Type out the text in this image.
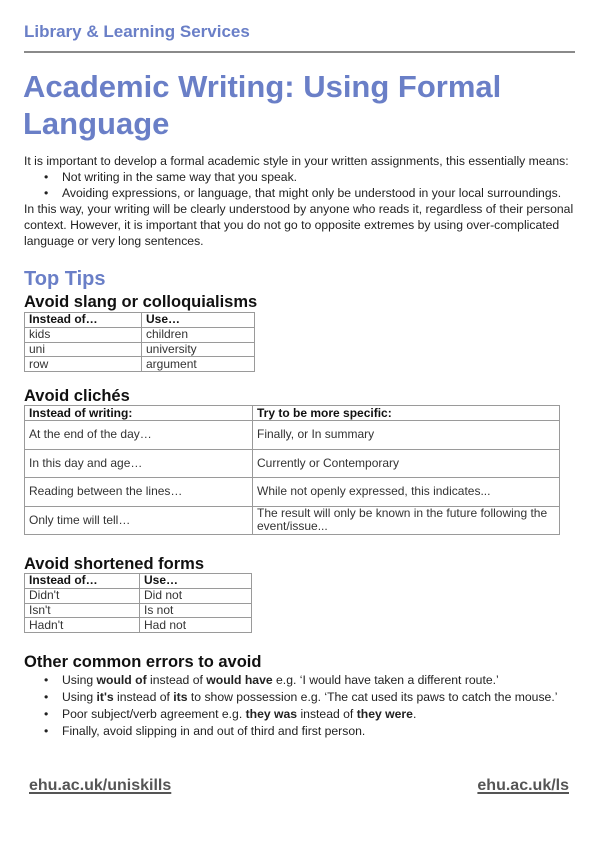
Library & Learning Services
Academic Writing: Using Formal Language
It is important to develop a formal academic style in your written assignments, this essentially means:
• Not writing in the same way that you speak.
• Avoiding expressions, or language, that might only be understood in your local surroundings.
In this way, your writing will be clearly understood by anyone who reads it, regardless of their personal context. However, it is important that you do not go to opposite extremes by using over-complicated language or very long sentences.
Top Tips
Avoid slang or colloquialisms
Instead of…	Use…
kids	children
uni	university
row	argument
Avoid clichés
Instead of writing:	Try to be more specific:
At the end of the day…	Finally, or In summary
In this day and age…	Currently or Contemporary
Reading between the lines…	While not openly expressed, this indicates...
Only time will tell…	The result will only be known in the future following the event/issue...
Avoid shortened forms
Instead of…	Use…
Didn't	Did not
Isn't	Is not
Hadn't	Had not
Other common errors to avoid
• Using would of instead of would have e.g. ‘I would have taken a different route.’
• Using it's instead of its to show possession e.g. ‘The cat used its paws to catch the mouse.’
• Poor subject/verb agreement e.g. they was instead of they were.
• Finally, avoid slipping in and out of third and first person.
ehu.ac.uk/uniskills	ehu.ac.uk/ls
